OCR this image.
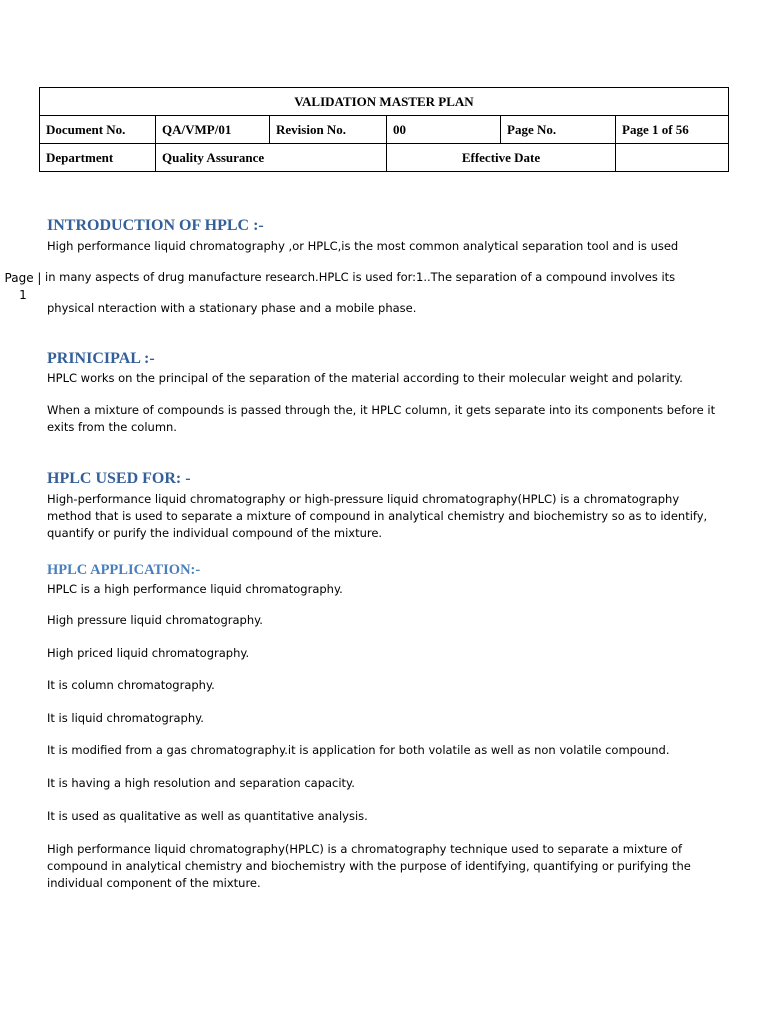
VALIDATION MASTER PLAN					
Document No.	QA/VMP/01	Revision No.	00	Page No.	Page 1 of 56
Department	Quality Assurance		Effective Date		
Page |
1
INTRODUCTION OF HPLC :-

High performance liquid chromatography ,or HPLC,is the most common analytical separation tool and is used

in many aspects of drug manufacture research.HPLC is used for:1..The separation of a compound involves its

physical nteraction with a stationary phase and a mobile phase.

PRINICIPAL :-

HPLC works on the principal of the separation of the material according to their molecular weight and polarity.

When a mixture of compounds is passed through the, it HPLC column, it gets separate into its components before it exits from the column.

HPLC USED FOR: -

High-performance liquid chromatography or high-pressure liquid chromatography(HPLC) is a chromatography method that is used to separate a mixture of compound in analytical chemistry and biochemistry so as to identify, quantify or purify the individual compound of the mixture.

HPLC APPLICATION:-

HPLC is a high performance liquid chromatography.

High pressure liquid chromatography.

High priced liquid chromatography.

It is column chromatography.

It is liquid chromatography.

It is modified from a gas chromatography.it is application for both volatile as well as non volatile compound.

It is having a high resolution and separation capacity.

It is used as qualitative as well as quantitative analysis.

High performance liquid chromatography(HPLC) is a chromatography technique used to separate a mixture of compound in analytical chemistry and biochemistry with the purpose of identifying, quantifying or purifying the individual component of the mixture.
